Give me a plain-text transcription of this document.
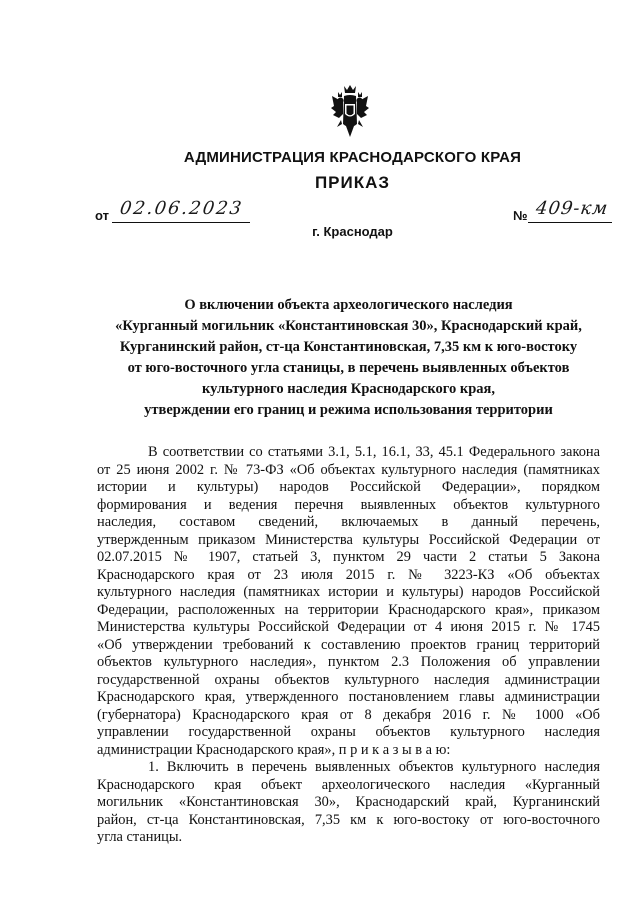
АДМИНИСТРАЦИЯ КРАСНОДАРСКОГО КРАЯ
ПРИКАЗ
от 02.06.2023	№ 409-км
г. Краснодар
О включении объекта археологического наследия
«Курганный могильник «Константиновская 30», Краснодарский край,
Курганинский район, ст-ца Константиновская, 7,35 км к юго-востоку
от юго-восточного угла станицы, в перечень выявленных объектов
культурного наследия Краснодарского края,
утверждении его границ и режима использования территории
В соответствии со статьями 3.1, 5.1, 16.1, 33, 45.1 Федерального закона
от 25 июня 2002 г. № 73-ФЗ «Об объектах культурного наследия (памятниках
истории и культуры) народов Российской Федерации», порядком
формирования и ведения перечня выявленных объектов культурного
наследия, составом сведений, включаемых в данный перечень,
утвержденным приказом Министерства культуры Российской Федерации от
02.07.2015 № 1907, статьей 3, пунктом 29 части 2 статьи 5 Закона
Краснодарского края от 23 июля 2015 г. № 3223-КЗ «Об объектах
культурного наследия (памятниках истории и культуры) народов Российской
Федерации, расположенных на территории Краснодарского края», приказом
Министерства культуры Российской Федерации от 4 июня 2015 г. № 1745
«Об утверждении требований к составлению проектов границ территорий
объектов культурного наследия», пунктом 2.3 Положения об управлении
государственной охраны объектов культурного наследия администрации
Краснодарского края, утвержденного постановлением главы администрации
(губернатора) Краснодарского края от 8 декабря 2016 г. № 1000 «Об
управлении государственной охраны объектов культурного наследия
администрации Краснодарского края», п р и к а з ы в а ю:
1. Включить в перечень выявленных объектов культурного наследия
Краснодарского края объект археологического наследия «Курганный
могильник «Константиновская 30», Краснодарский край, Курганинский
район, ст-ца Константиновская, 7,35 км к юго-востоку от юго-восточного
угла станицы.
